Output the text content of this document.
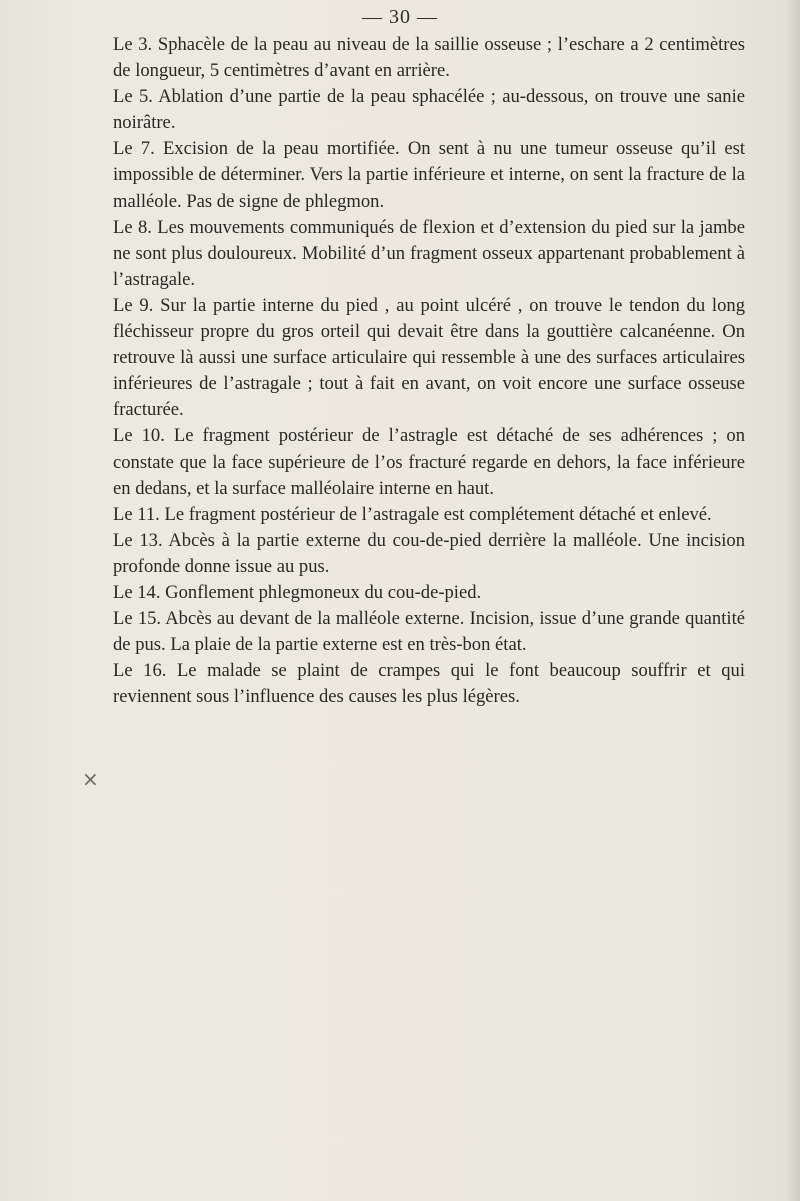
— 30 —

Le 3. Sphacèle de la peau au niveau de la saillie osseuse ; l’eschare a 2 centimètres de longueur, 5 centimètres d’avant en arrière.

Le 5. Ablation d’une partie de la peau sphacélée ; au-dessous, on trouve une sanie noirâtre.

Le 7. Excision de la peau mortifiée. On sent à nu une tumeur osseuse qu’il est impossible de déterminer. Vers la partie inférieure et interne, on sent la fracture de la malléole. Pas de signe de phlegmon.

Le 8. Les mouvements communiqués de flexion et d’extension du pied sur la jambe ne sont plus douloureux. Mobilité d’un fragment osseux appartenant probablement à l’astragale.

Le 9. Sur la partie interne du pied , au point ulcéré , on trouve le tendon du long fléchisseur propre du gros orteil qui devait être dans la gouttière calcanéenne. On retrouve là aussi une surface articulaire qui ressemble à une des surfaces articulaires inférieures de l’astragale ; tout à fait en avant, on voit encore une surface osseuse fracturée.

Le 10. Le fragment postérieur de l’astragle est détaché de ses adhérences ; on constate que la face supérieure de l’os fracturé regarde en dehors, la face inférieure en dedans, et la surface malléolaire interne en haut.

Le 11. Le fragment postérieur de l’astragale est complétement détaché et enlevé.

Le 13. Abcès à la partie externe du cou-de-pied derrière la malléole. Une incision profonde donne issue au pus.

Le 14. Gonflement phlegmoneux du cou-de-pied.

Le 15. Abcès au devant de la malléole externe. Incision, issue d’une grande quantité de pus. La plaie de la partie externe est en très-bon état.

Le 16. Le malade se plaint de crampes qui le font beaucoup souffrir et qui reviennent sous l’influence des causes les plus légères.

×
